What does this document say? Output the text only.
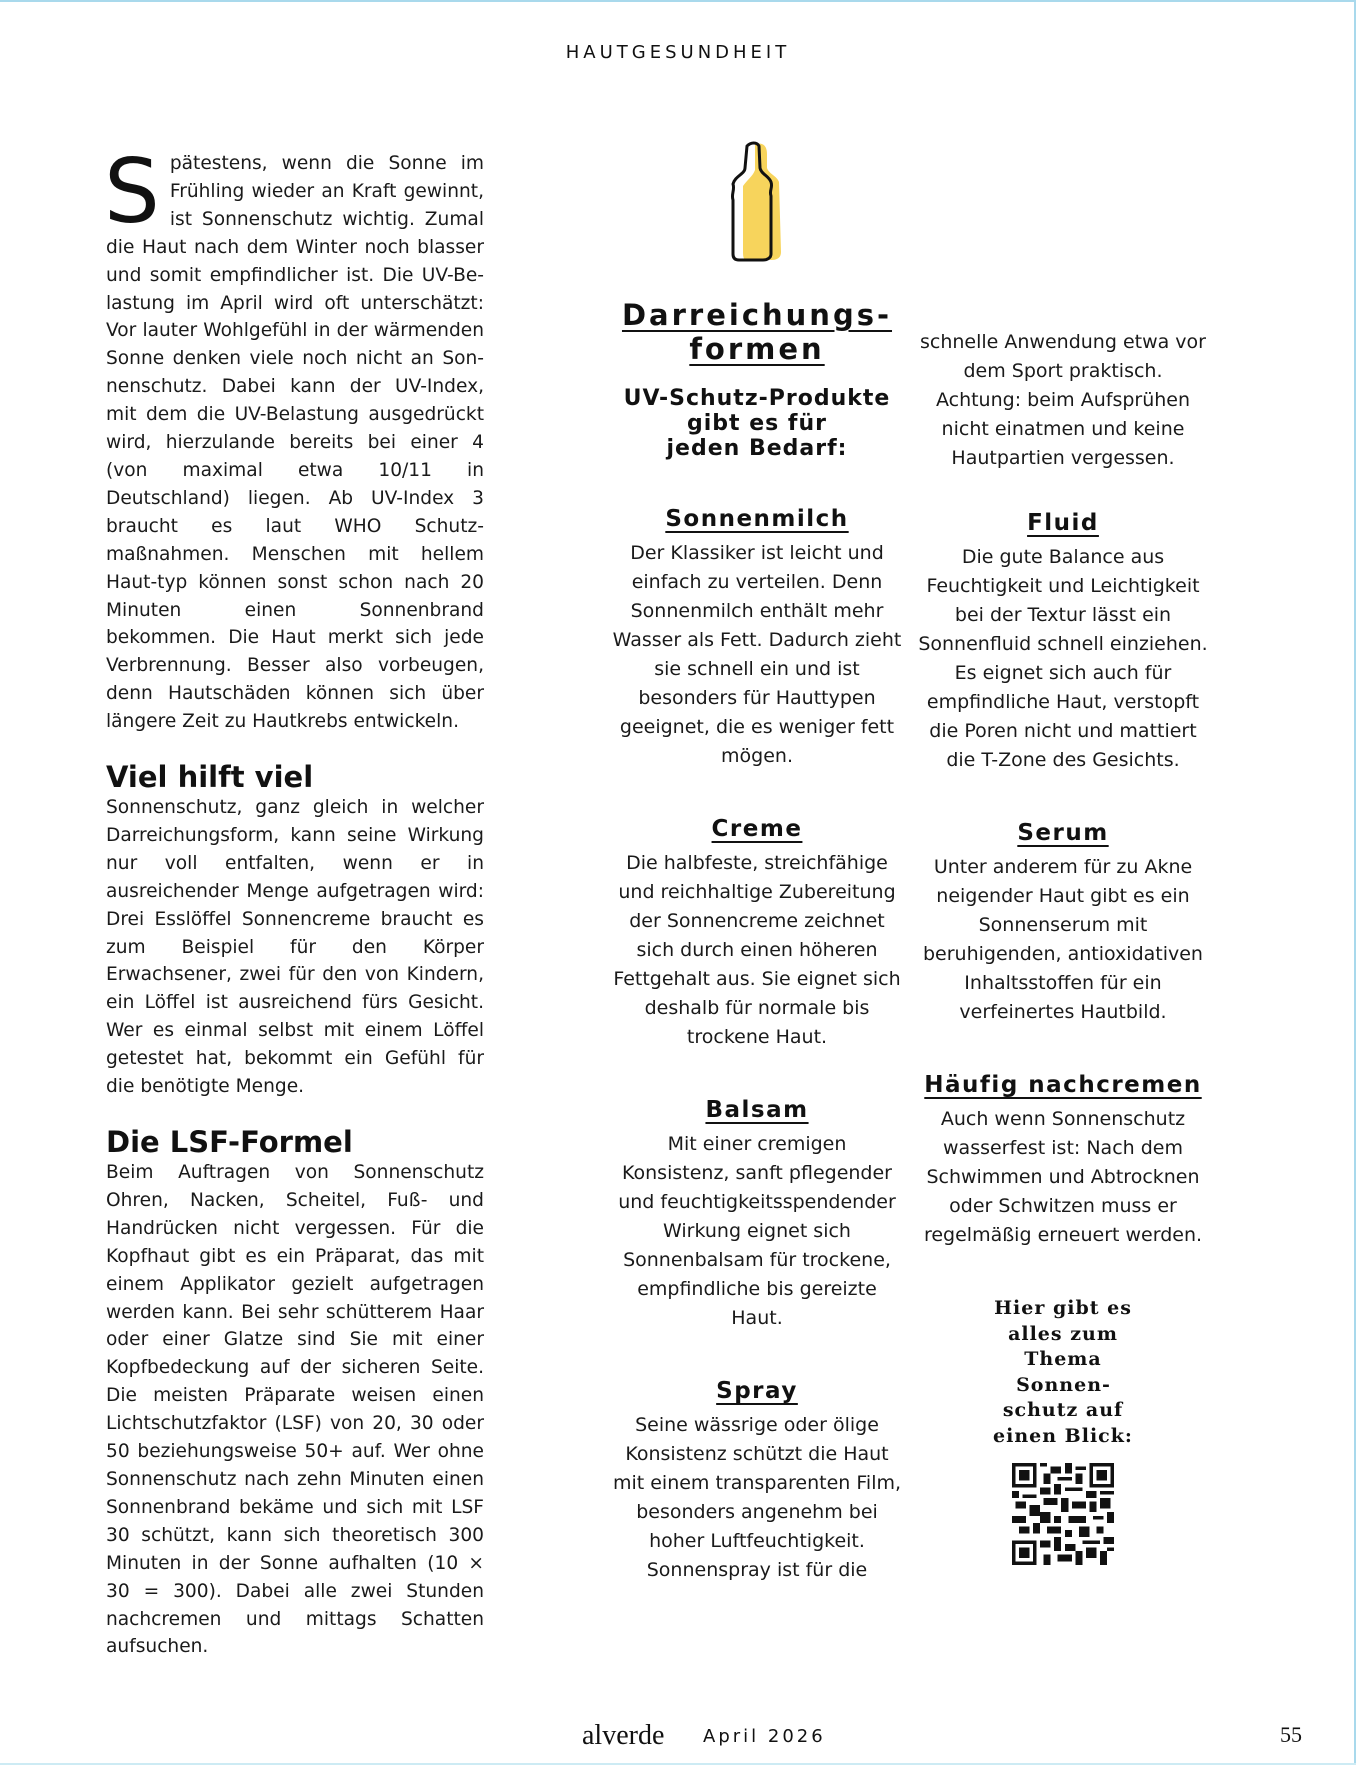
HAUTGESUNDHEIT

Spätestens, wenn die Sonne im Frühling wieder an Kraft gewinnt, ist Sonnenschutz wichtig. Zumal die Haut nach dem Winter noch blasser und somit empfindlicher ist. Die UV-Belastung im April wird oft unterschätzt: Vor lauter Wohlgefühl in der wärmenden Sonne denken viele noch nicht an Sonnenschutz. Dabei kann der UV-Index, mit dem die UV-Belastung ausgedrückt wird, hierzulande bereits bei einer 4 (von maximal etwa 10/11 in Deutschland) liegen. Ab UV-Index 3 braucht es laut WHO Schutzmaßnahmen. Menschen mit hellem Haut-typ können sonst schon nach 20 Minuten einen Sonnenbrand bekommen. Die Haut merkt sich jede Verbrennung. Besser also vorbeugen, denn Hautschäden können sich über längere Zeit zu Hautkrebs entwickeln.

Viel hilft viel

Sonnenschutz, ganz gleich in welcher Darreichungsform, kann seine Wirkung nur voll entfalten, wenn er in ausreichender Menge aufgetragen wird: Drei Esslöffel Sonnencreme braucht es zum Beispiel für den Körper Erwachsener, zwei für den von Kindern, ein Löffel ist ausreichend fürs Gesicht. Wer es einmal selbst mit einem Löffel getestet hat, bekommt ein Gefühl für die benötigte Menge.

Die LSF-Formel

Beim Auftragen von Sonnenschutz Ohren, Nacken, Scheitel, Fuß- und Handrücken nicht vergessen. Für die Kopfhaut gibt es ein Präparat, das mit einem Applikator gezielt aufgetragen werden kann. Bei sehr schütterem Haar oder einer Glatze sind Sie mit einer Kopfbedeckung auf der sicheren Seite. Die meisten Präparate weisen einen Lichtschutzfaktor (LSF) von 20, 30 oder 50 beziehungsweise 50+ auf. Wer ohne Sonnenschutz nach zehn Minuten einen Sonnenbrand bekäme und sich mit LSF 30 schützt, kann sich theoretisch 300 Minuten in der Sonne aufhalten (10 × 30 = 300). Dabei alle zwei Stunden nachcremen und mittags Schatten aufsuchen.

Darreichungs-
formen
UV-Schutz-Produkte
gibt es für
jeden Bedarf:
Sonnenmilch

Der Klassiker ist leicht und einfach zu verteilen. Denn Sonnenmilch enthält mehr Wasser als Fett. Dadurch zieht sie schnell ein und ist besonders für Hauttypen geeignet, die es weniger fett mögen.

Creme

Die halbfeste, streichfähige und reichhaltige Zubereitung der Sonnencreme zeichnet sich durch einen höheren Fettgehalt aus. Sie eignet sich deshalb für normale bis trockene Haut.

Balsam

Mit einer cremigen Konsistenz, sanft pflegender und feuchtigkeitsspendender Wirkung eignet sich Sonnenbalsam für trockene, empfindliche bis gereizte Haut.

Spray

Seine wässrige oder ölige Konsistenz schützt die Haut mit einem transparenten Film, besonders angenehm bei hoher Luftfeuchtigkeit. Sonnenspray ist für die

schnelle Anwendung etwa vor dem Sport praktisch. Achtung: beim Aufsprühen nicht einatmen und keine Hautpartien vergessen.

Fluid

Die gute Balance aus Feuchtigkeit und Leichtigkeit bei der Textur lässt ein Sonnenfluid schnell einziehen. Es eignet sich auch für empfindliche Haut, verstopft die Poren nicht und mattiert die T-Zone des Gesichts.

Serum

Unter anderem für zu Akne neigender Haut gibt es ein Sonnenserum mit beruhigenden, antioxidativen Inhaltsstoffen für ein verfeinertes Hautbild.

Häufig nachcremen

Auch wenn Sonnenschutz wasserfest ist: Nach dem Schwimmen und Abtrocknen oder Schwitzen muss er regelmäßig erneuert werden.

Hier gibt es alles zum Thema Sonnenschutz auf einen Blick:

alverde April 2026	55
